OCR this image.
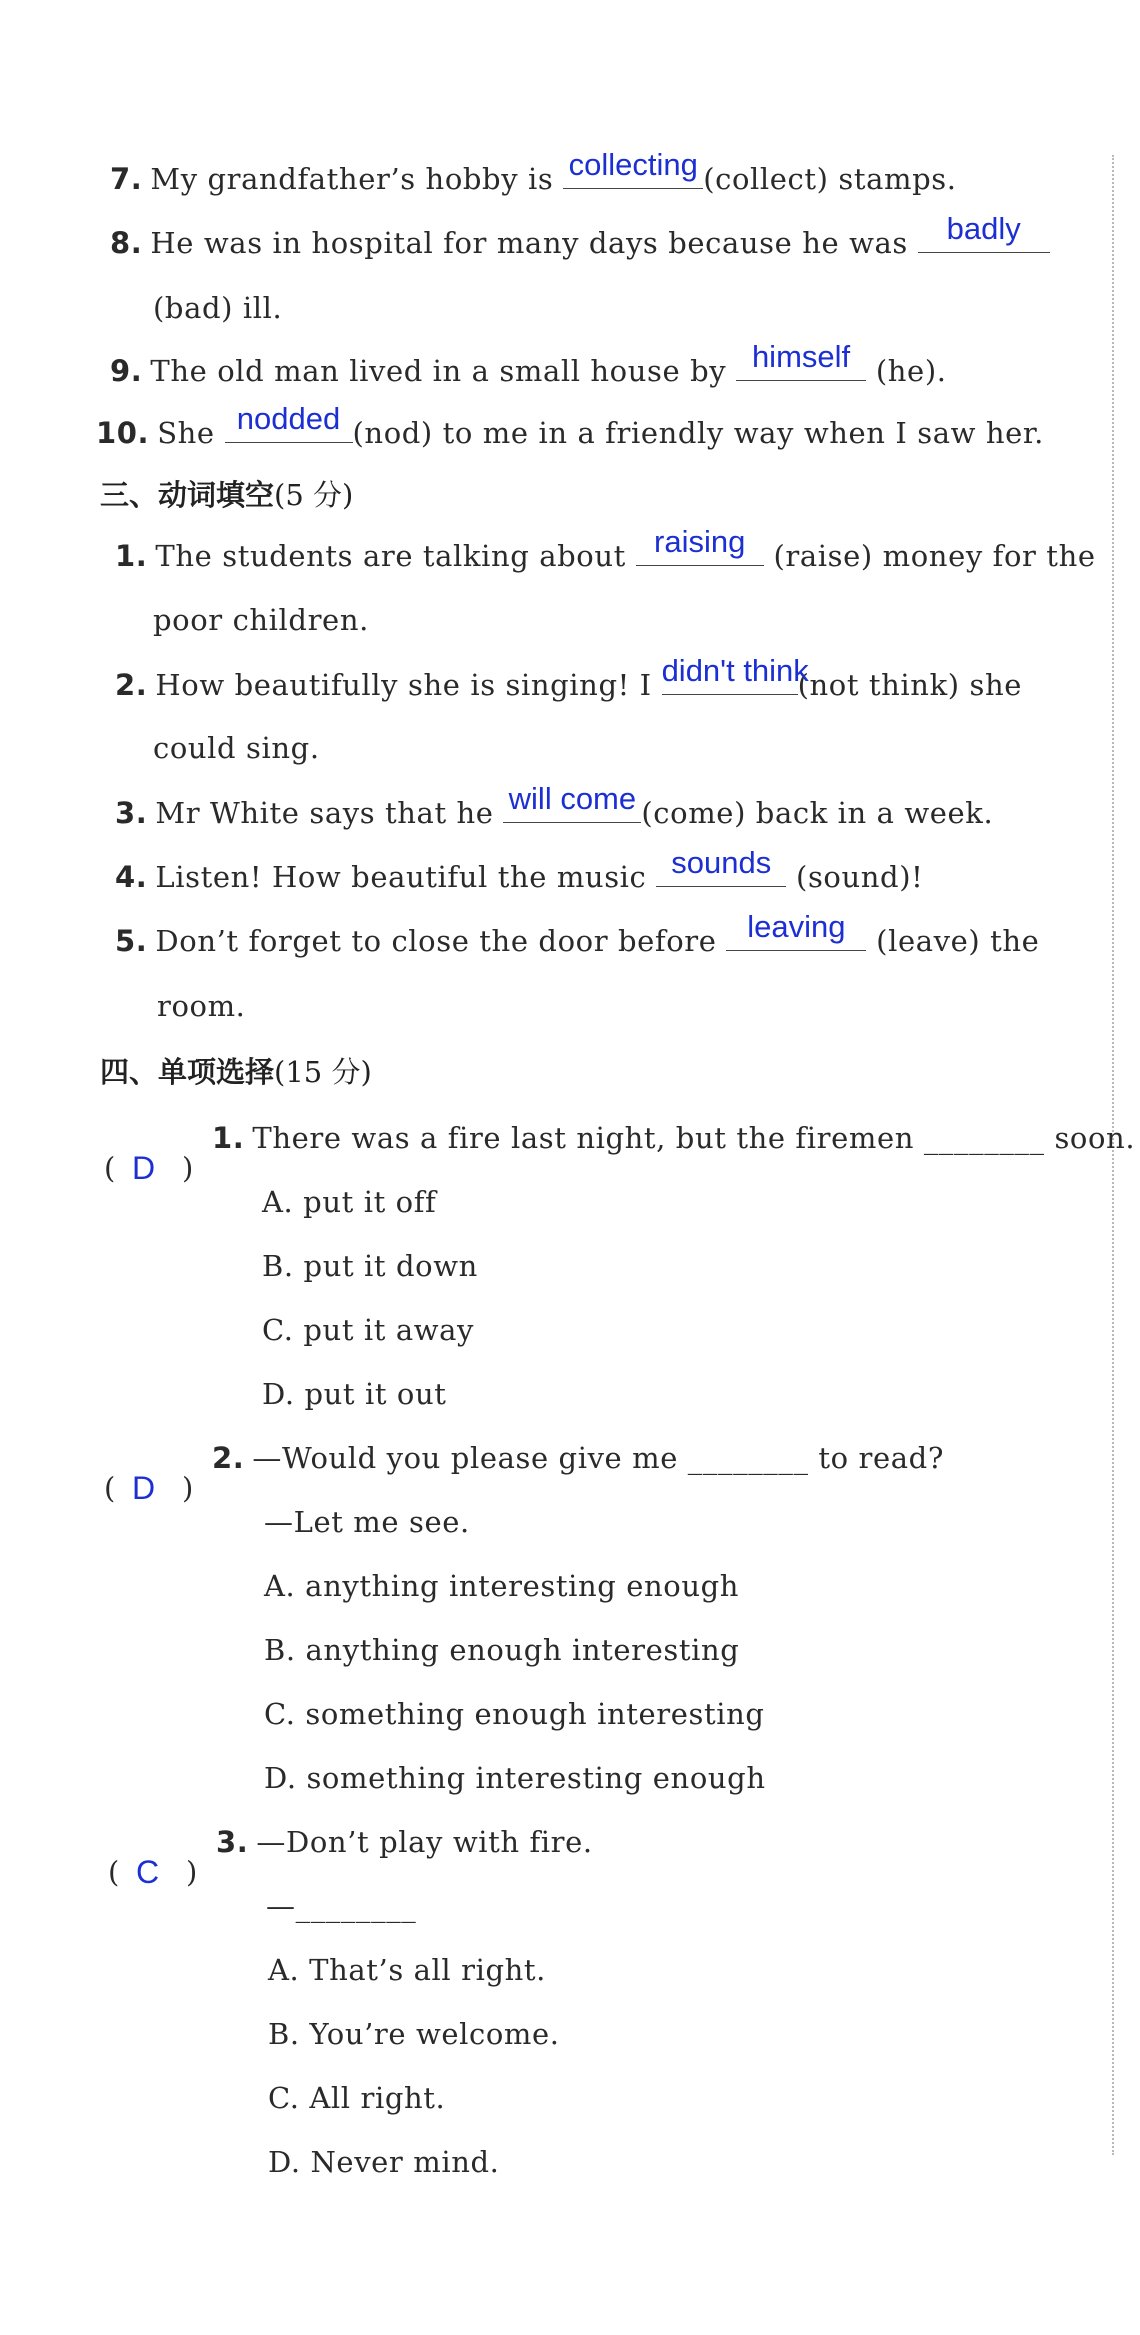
7. My grandfather’s hobby is collecting (collect) stamps.
8. He was in hospital for many days because he was badly
(bad) ill.
9. The old man lived in a small house by himself (he).
10. She nodded (nod) to me in a friendly way when I saw her.
三、动词填空(5 分)
1. The students are talking about raising (raise) money for the
poor children.
2. How beautifully she is singing! I didn't think
(not think) she
could sing.
3. Mr White says that he will come (come) back in a week.
4. Listen! How beautiful the music sounds (sound)!
5. Don’t forget to close the door before leaving (leave) the
room.
四、单项选择(15 分)
( D )
1. There was a fire last night, but the firemen ________ soon.
A. put it off
B. put it down
C. put it away
D. put it out
( D )
2. —Would you please give me ________ to read?
—Let me see.
A. anything interesting enough
B. anything enough interesting
C. something enough interesting
D. something interesting enough
( C )
3. —Don’t play with fire.
—________
A. That’s all right.
B. You’re welcome.
C. All right.
D. Never mind.
